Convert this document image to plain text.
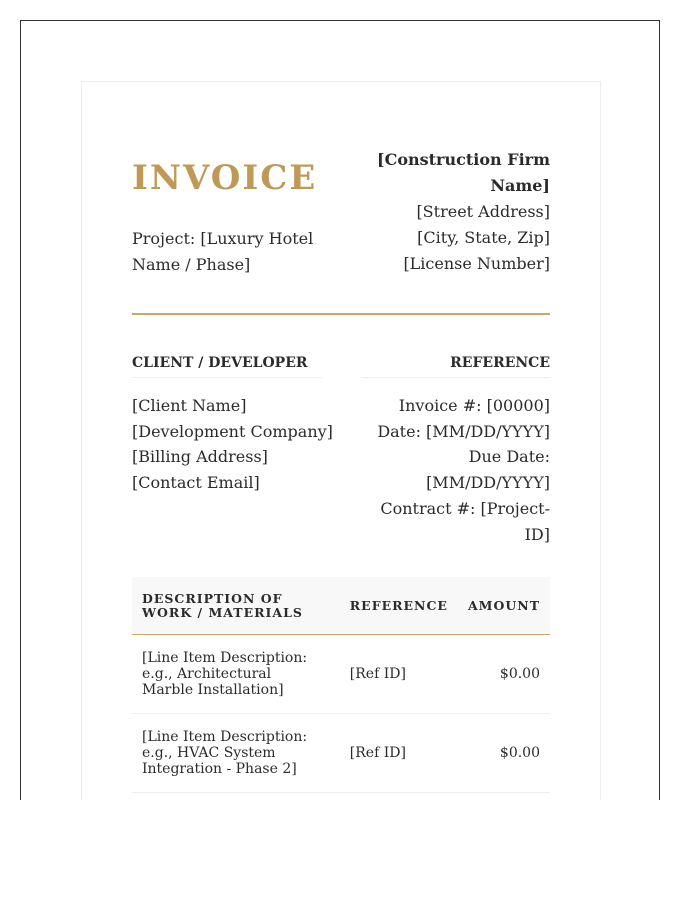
INVOICE

Project: [Luxury Hotel Name / Phase]

[Construction Firm Name]
[Street Address]
[City, State, Zip]
[License Number]
CLIENT / DEVELOPER	REFERENCE
[Client Name]
[Development Company]
[Billing Address]
[Contact Email]
Invoice #: [00000]
Date: [MM/DD/YYYY]
Due Date:
[MM/DD/YYYY]
Contract #: [Project-ID]
DESCRIPTION OF WORK / MATERIALS	REFERENCE	AMOUNT
[Line Item Description: e.g., Architectural Marble Installation]	[Ref ID]	$0.00
[Line Item Description: e.g., HVAC System Integration - Phase 2]	[Ref ID]	$0.00
